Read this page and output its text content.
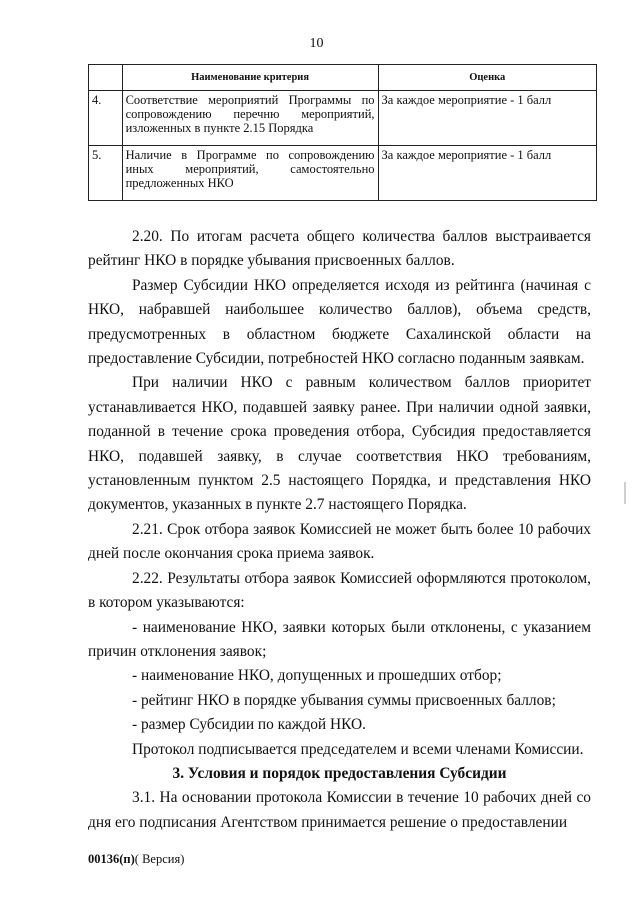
10
	Наименование критерия	Оценка
4.	Соответствие мероприятий Программы по сопровождению перечню мероприятий, изложенных в пункте 2.15 Порядка	За каждое мероприятие - 1 балл
5.	Наличие в Программе по сопровождению иных мероприятий, самостоятельно предложенных НКО	За каждое мероприятие - 1 балл

2.20. По итогам расчета общего количества баллов выстраивается рейтинг НКО в порядке убывания присвоенных баллов.

Размер Субсидии НКО определяется исходя из рейтинга (начиная с НКО, набравшей наибольшее количество баллов), объема средств, предусмотренных в областном бюджете Сахалинской области на предоставление Субсидии, потребностей НКО согласно поданным заявкам.

При наличии НКО с равным количеством баллов приоритет устанавливается НКО, подавшей заявку ранее. При наличии одной заявки, поданной в течение срока проведения отбора, Субсидия предоставляется НКО, подавшей заявку, в случае соответствия НКО требованиям, установленным пунктом 2.5 настоящего Порядка, и представления НКО документов, указанных в пункте 2.7 настоящего Порядка.

2.21. Срок отбора заявок Комиссией не может быть более 10 рабочих дней после окончания срока приема заявок.

2.22. Результаты отбора заявок Комиссией оформляются протоколом, в котором указываются:

- наименование НКО, заявки которых были отклонены, с указанием причин отклонения заявок;

- наименование НКО, допущенных и прошедших отбор;

- рейтинг НКО в порядке убывания суммы присвоенных баллов;

- размер Субсидии по каждой НКО.

Протокол подписывается председателем и всеми членами Комиссии.

3. Условия и порядок предоставления Субсидии

3.1. На основании протокола Комиссии в течение 10 рабочих дней со дня его подписания Агентством принимается решение о предоставлении

00136(п)( Версия)
